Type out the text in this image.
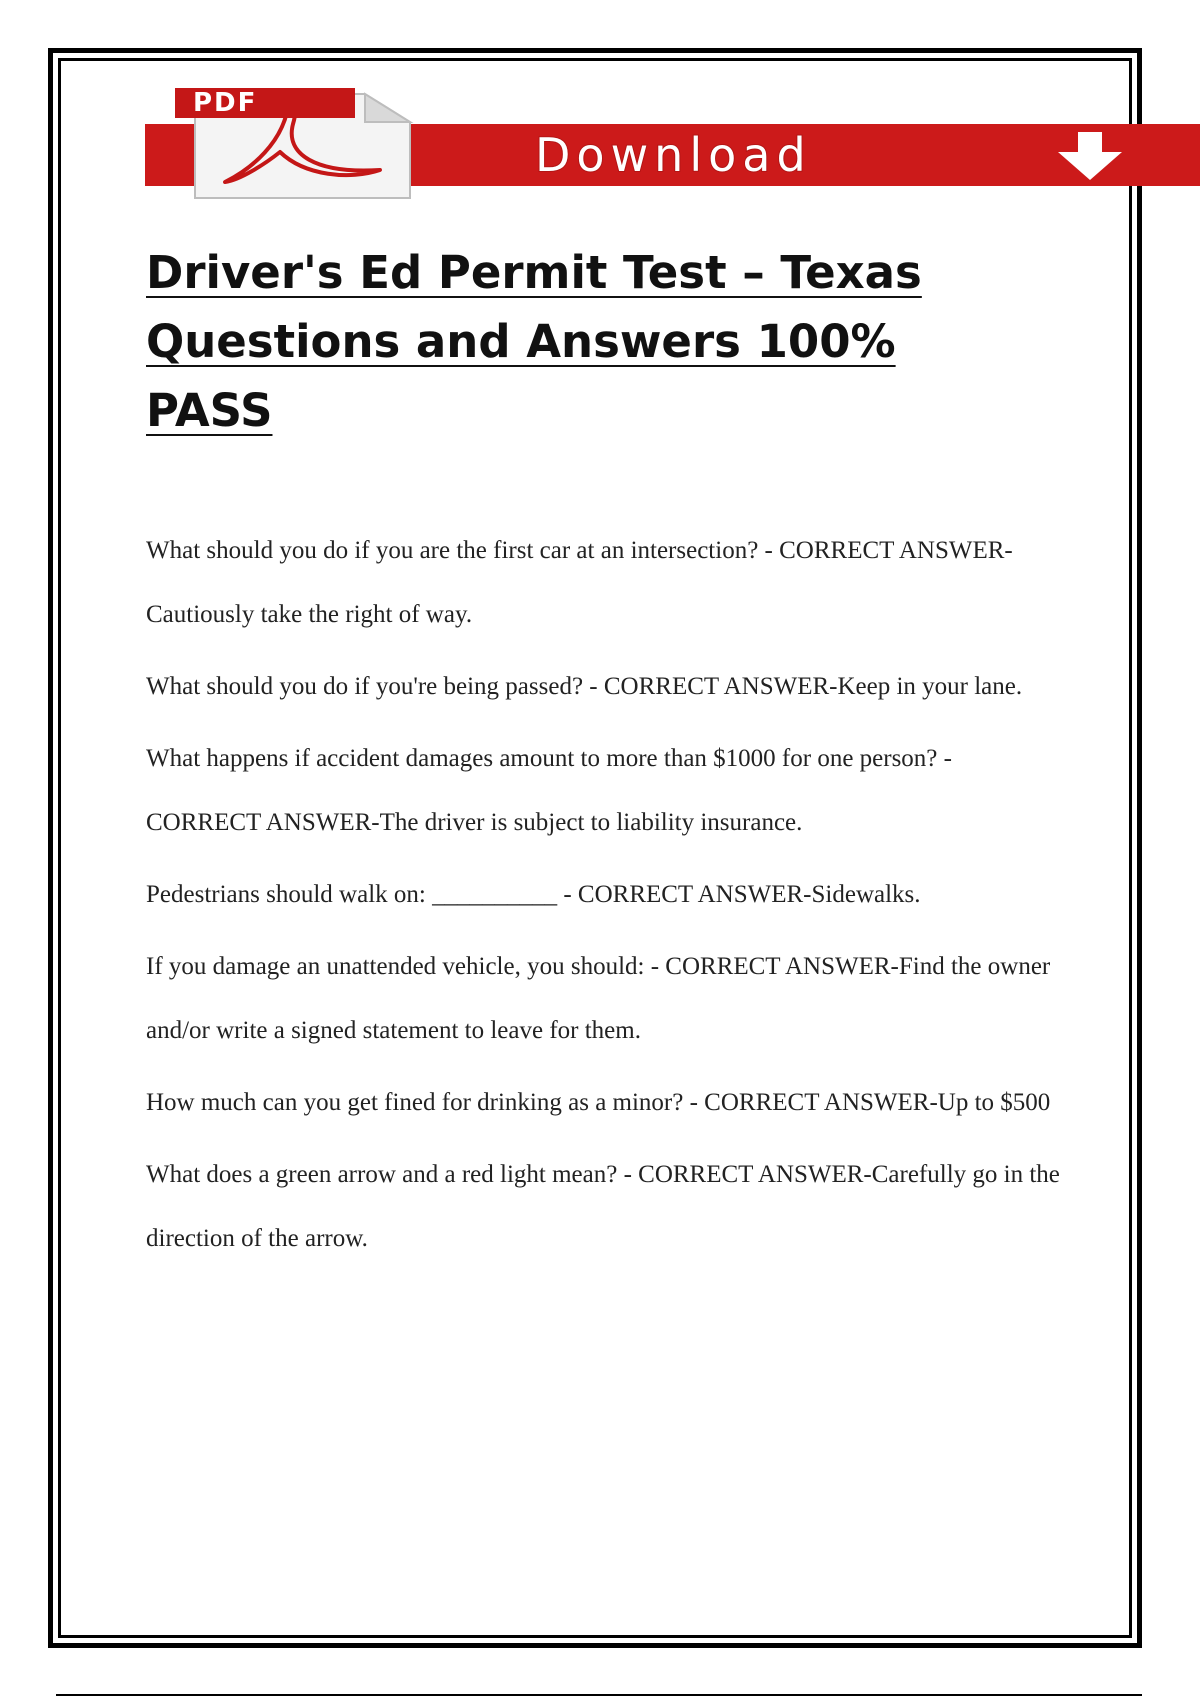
PDF
Download
Driver's Ed Permit Test – Texas
Questions and Answers 100%
PASS

What should you do if you are the first car at an intersection? - CORRECT ANSWER-Cautiously take the right of way.

What should you do if you're being passed? - CORRECT ANSWER-Keep in your lane.

What happens if accident damages amount to more than $1000 for one person? - CORRECT ANSWER-The driver is subject to liability insurance.

Pedestrians should walk on: __________ - CORRECT ANSWER-Sidewalks.

If you damage an unattended vehicle, you should: - CORRECT ANSWER-Find the owner and/or write a signed statement to leave for them.

How much can you get fined for drinking as a minor? - CORRECT ANSWER-Up to $500

What does a green arrow and a red light mean? - CORRECT ANSWER-Carefully go in the direction of the arrow.
